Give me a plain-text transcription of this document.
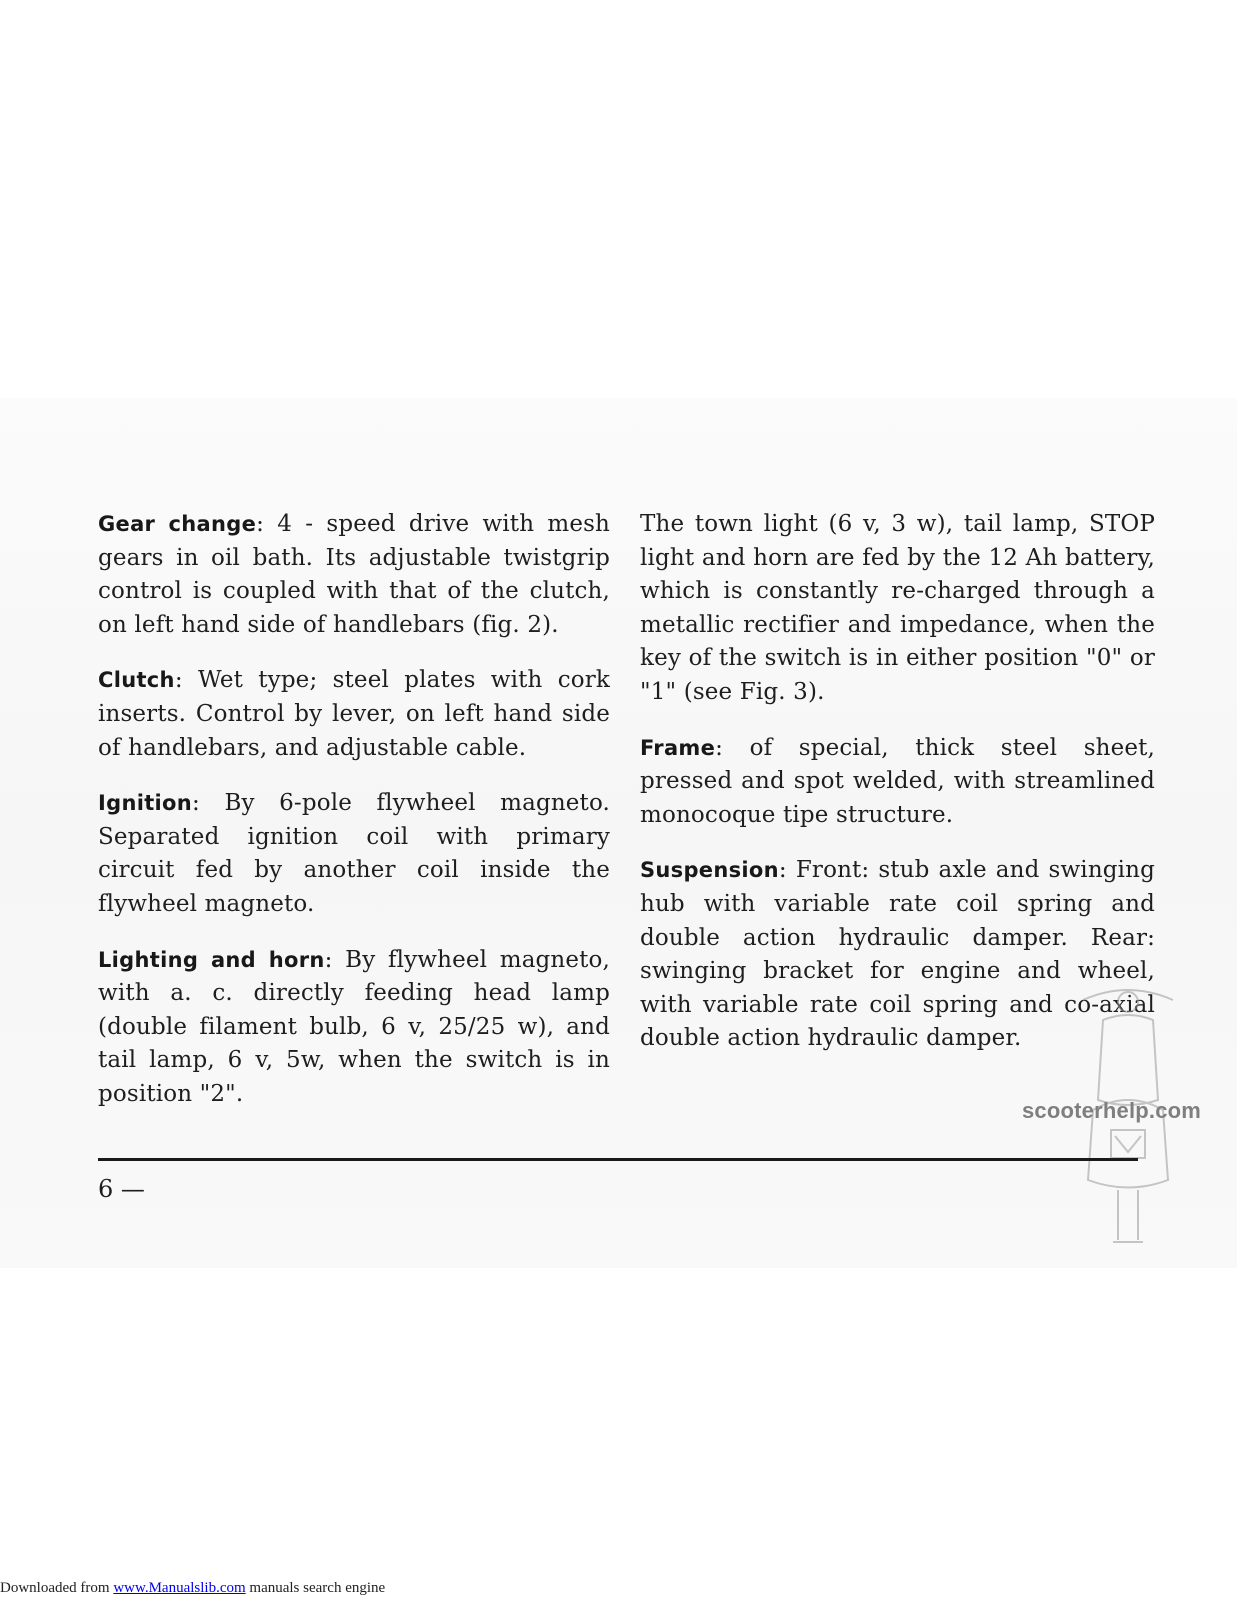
Gear change: 4 - speed drive with mesh gears in oil bath. Its adjustable twistgrip control is coupled with that of the clutch, on left hand side of handlebars (fig. 2).

Clutch: Wet type; steel plates with cork inserts. Control by lever, on left hand side of handlebars, and adjustable cable.

Ignition: By 6-pole flywheel magneto. Separated ignition coil with primary circuit fed by another coil inside the flywheel magneto.

Lighting and horn: By flywheel magneto, with a. c. directly feeding head lamp (double filament bulb, 6 v, 25/25 w), and tail lamp, 6 v, 5w, when the switch is in position "2".

The town light (6 v, 3 w), tail lamp, STOP light and horn are fed by the 12 Ah battery, which is constantly re-charged through a metallic rectifier and impedance, when the key of the switch is in either position "0" or "1" (see Fig. 3).

Frame: of special, thick steel sheet, pressed and spot welded, with streamlined monocoque tipe structure.

Suspension: Front: stub axle and swinging hub with variable rate coil spring and double action hydraulic damper. Rear: swinging bracket for engine and wheel, with variable rate coil spring and co-axial double action hydraulic damper.

scooterhelp.com
6 —
Downloaded from www.Manualslib.com manuals search engine
